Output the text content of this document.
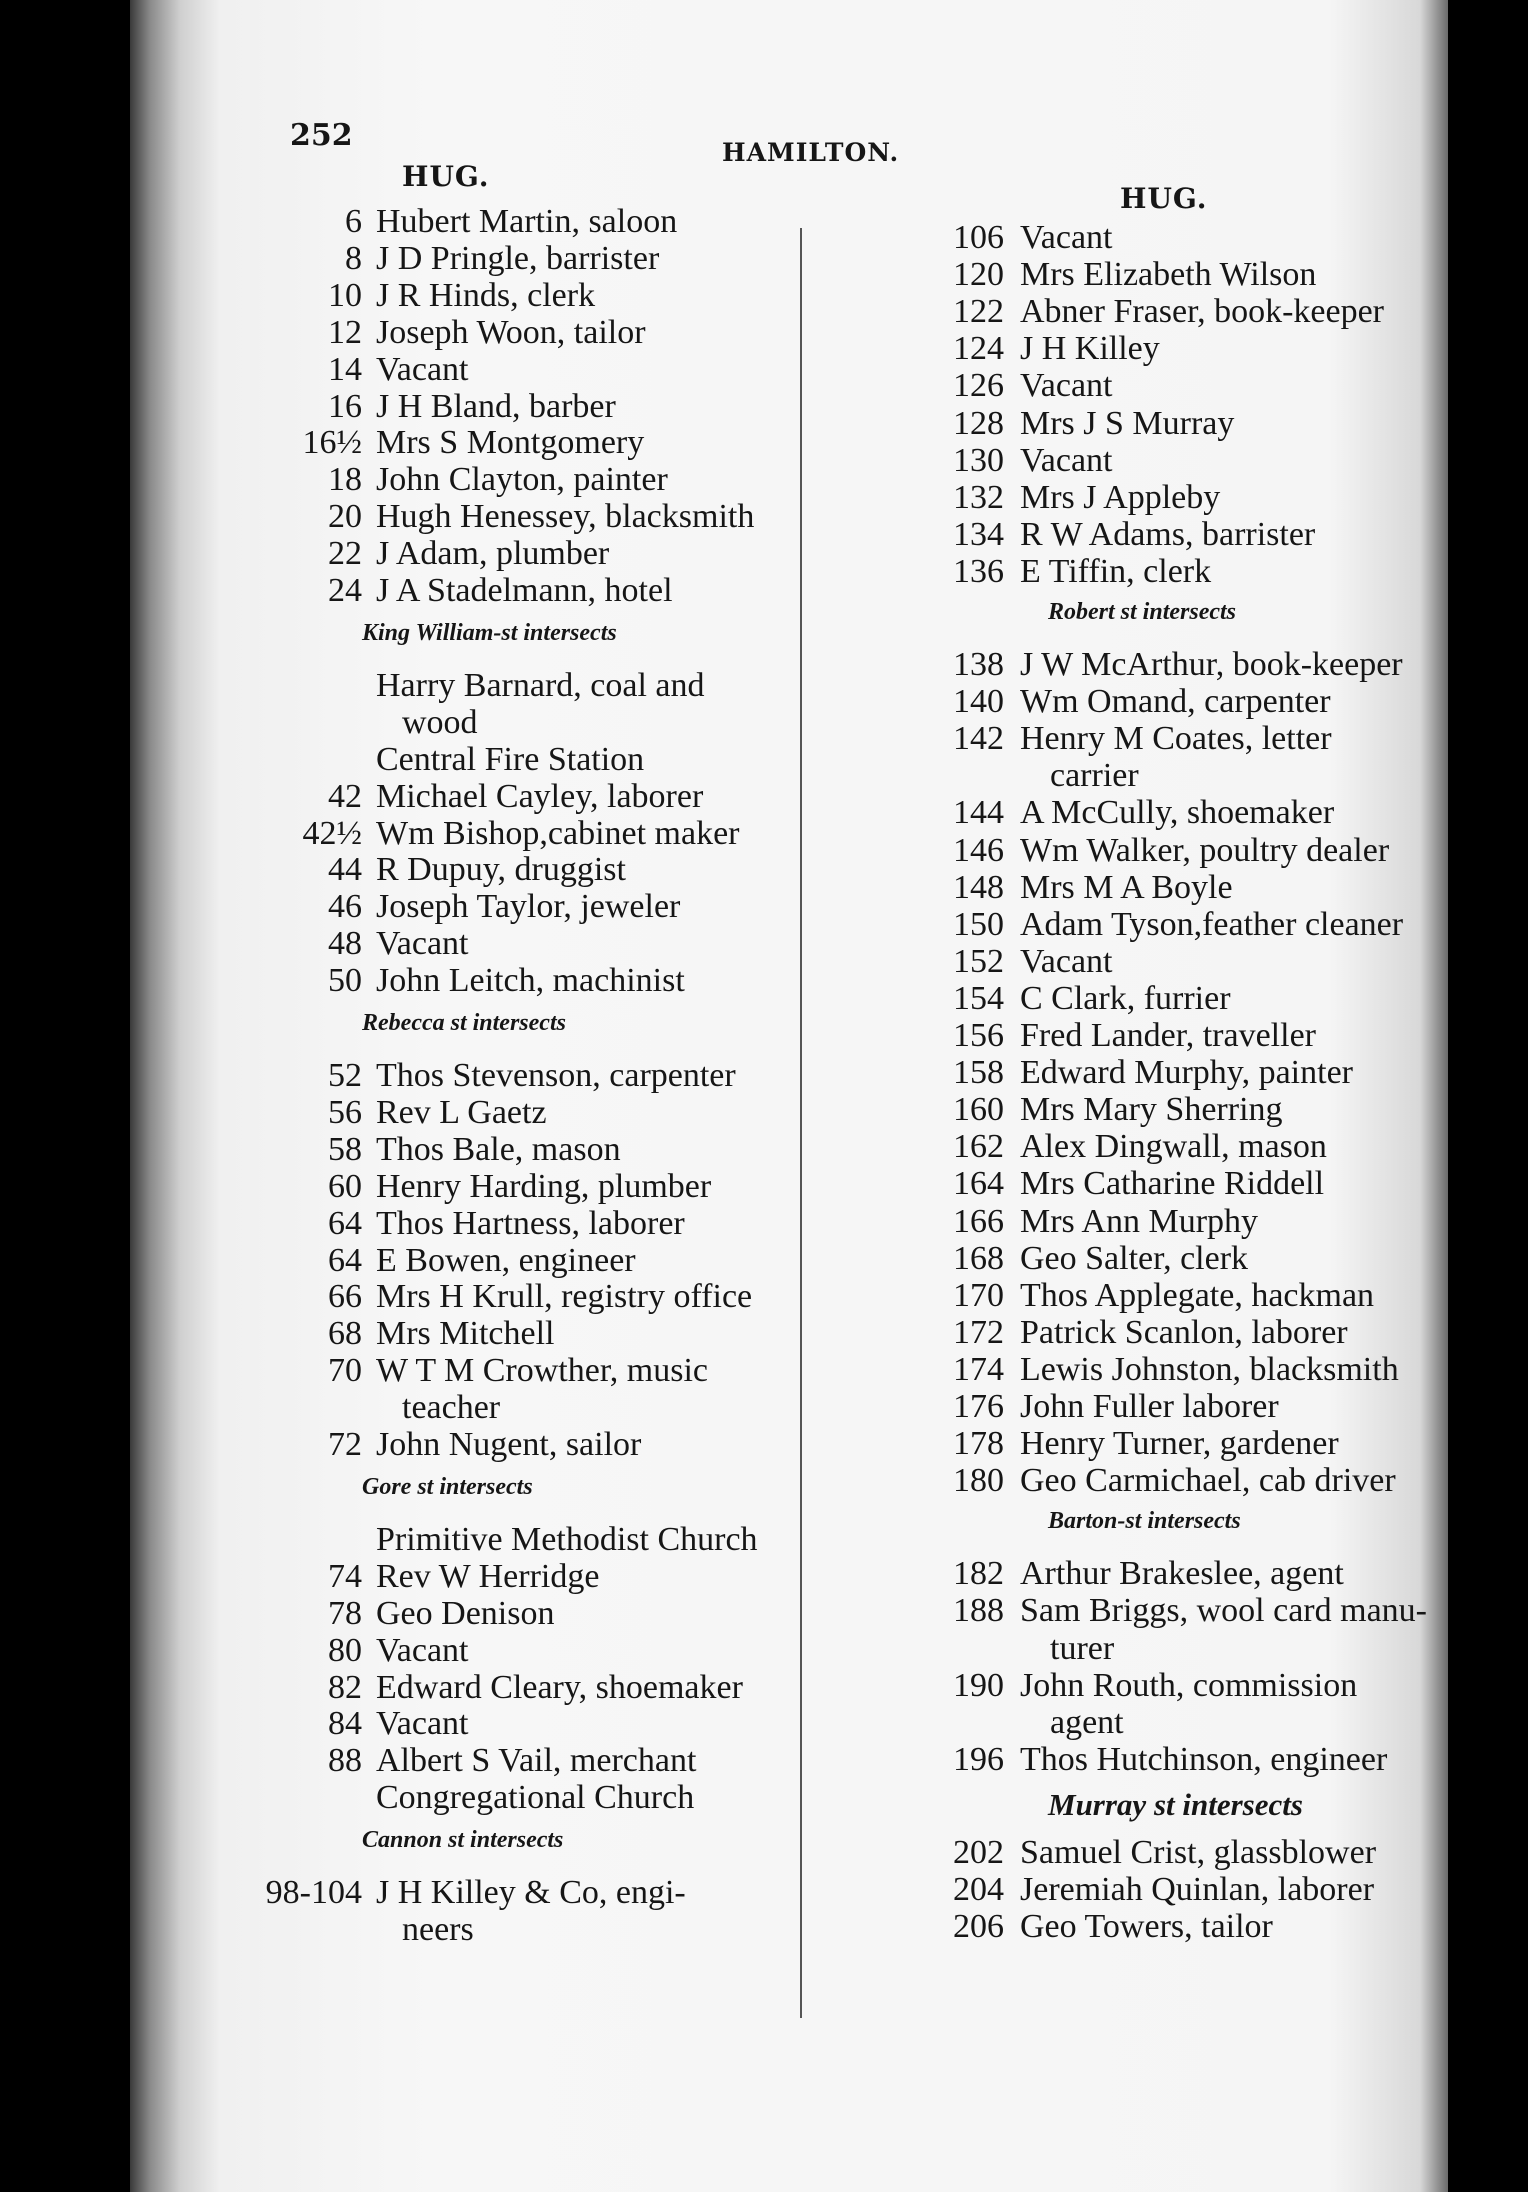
252	HAMILTON.
HUG.
HUG.
6 Hubert Martin, saloon
8 J D Pringle, barrister
10 J R Hinds, clerk
12 Joseph Woon, tailor
14 Vacant
16 J H Bland, barber
16½ Mrs S Montgomery
18 John Clayton, painter
20 Hugh Henessey, blacksmith
22 J Adam, plumber
24 J A Stadelmann, hotel
King William-st intersects
Harry Barnard, coal and
wood
Central Fire Station
42 Michael Cayley, laborer
42½ Wm Bishop,cabinet maker
44 R Dupuy, druggist
46 Joseph Taylor, jeweler
48 Vacant
50 John Leitch, machinist
Rebecca st intersects
52 Thos Stevenson, carpenter
56 Rev L Gaetz
58 Thos Bale, mason
60 Henry Harding, plumber
64 Thos Hartness, laborer
64 E Bowen, engineer
66 Mrs H Krull, registry office
68 Mrs Mitchell
70 W T M Crowther, music
teacher
72 John Nugent, sailor
Gore st intersects
Primitive Methodist Church
74 Rev W Herridge
78 Geo Denison
80 Vacant
82 Edward Cleary, shoemaker
84 Vacant
88 Albert S Vail, merchant
Congregational Church
Cannon st intersects
98-104 J H Killey & Co, engi-
neers
106 Vacant
120 Mrs Elizabeth Wilson
122 Abner Fraser, book-keeper
124 J H Killey
126 Vacant
128 Mrs J S Murray
130 Vacant
132 Mrs J Appleby
134 R W Adams, barrister
136 E Tiffin, clerk
Robert st intersects
138 J W McArthur, book-keeper
140 Wm Omand, carpenter
142 Henry M Coates, letter
carrier
144 A McCully, shoemaker
146 Wm Walker, poultry dealer
148 Mrs M A Boyle
150 Adam Tyson,feather cleaner
152 Vacant
154 C Clark, furrier
156 Fred Lander, traveller
158 Edward Murphy, painter
160 Mrs Mary Sherring
162 Alex Dingwall, mason
164 Mrs Catharine Riddell
166 Mrs Ann Murphy
168 Geo Salter, clerk
170 Thos Applegate, hackman
172 Patrick Scanlon, laborer
174 Lewis Johnston, blacksmith
176 John Fuller laborer
178 Henry Turner, gardener
180 Geo Carmichael, cab driver
Barton-st intersects
182 Arthur Brakeslee, agent
188 Sam Briggs, wool card manu-
turer
190 John Routh, commission
agent
196 Thos Hutchinson, engineer
Murray st intersects
202 Samuel Crist, glassblower
204 Jeremiah Quinlan, laborer
206 Geo Towers, tailor
